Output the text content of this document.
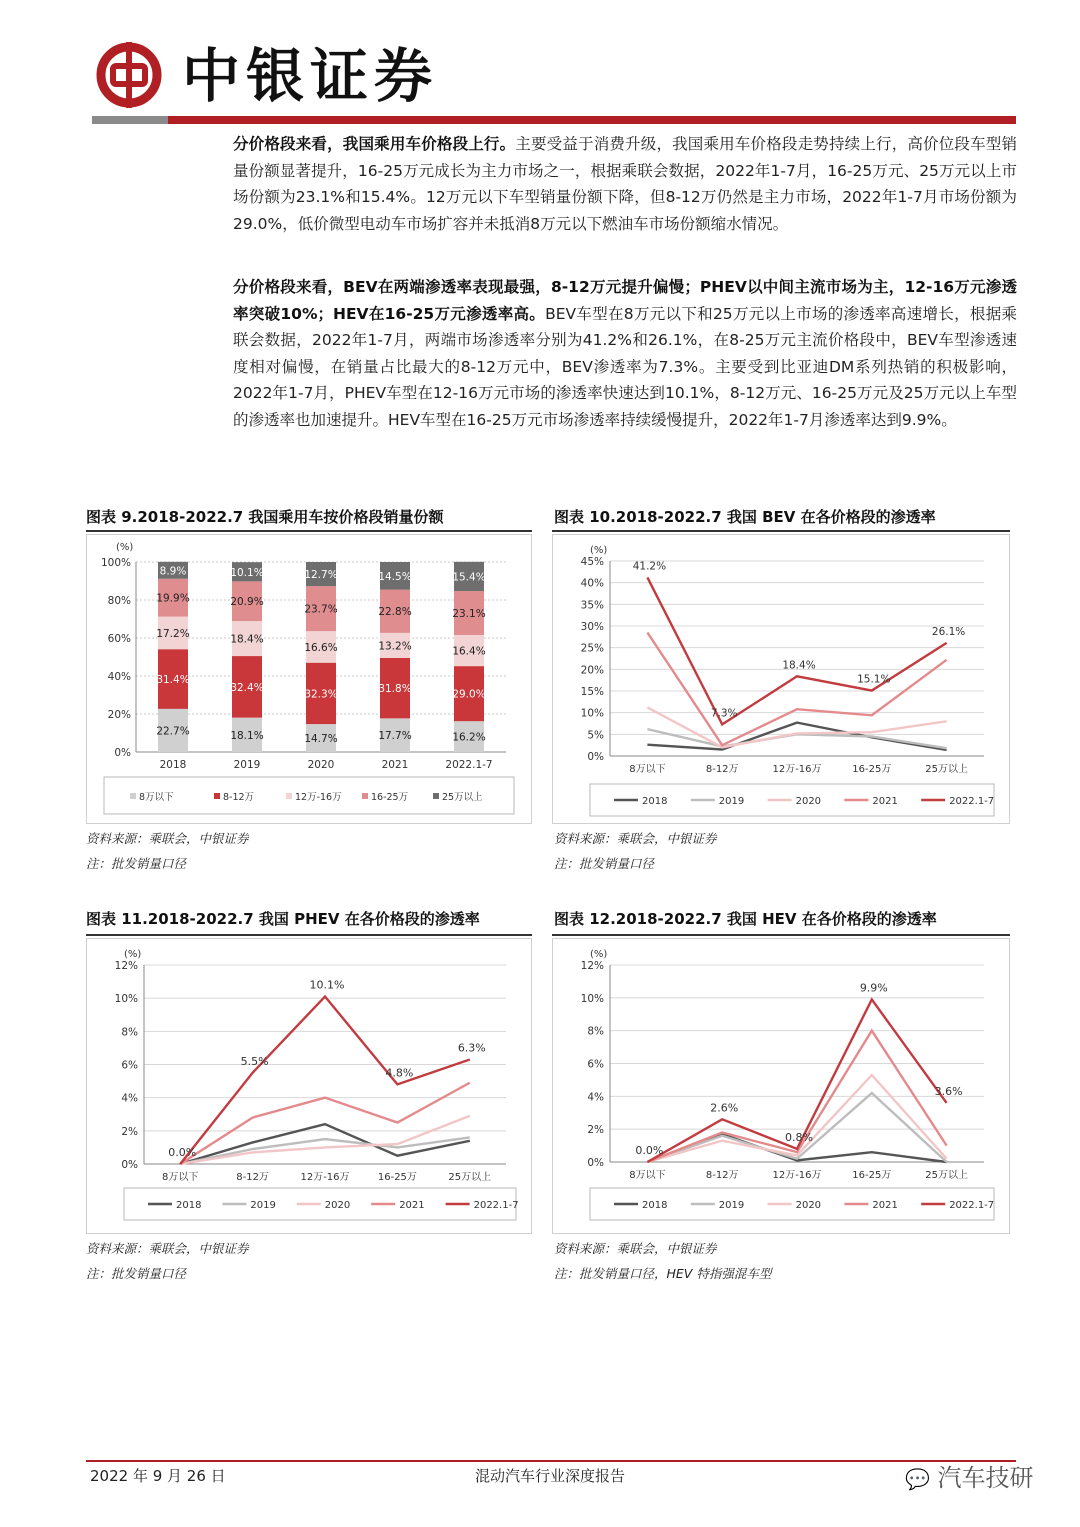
中银证券
分价格段来看，我国乘用车价格段上行。主要受益于消费升级，我国乘用车价格段走势持续上行，高价位段车型销量份额显著提升，16-25万元成长为主力市场之一，根据乘联会数据，2022年1-7月，16-25万元、25万元以上市场份额为23.1%和15.4%。12万元以下车型销量份额下降，但8-12万仍然是主力市场，2022年1-7月市场份额为29.0%，低价微型电动车市场扩容并未抵消8万元以下燃油车市场份额缩水情况。
分价格段来看，BEV在两端渗透率表现最强，8-12万元提升偏慢；PHEV以中间主流市场为主，12-16万元渗透率突破10%；HEV在16-25万元渗透率高。BEV车型在8万元以下和25万元以上市场的渗透率高速增长，根据乘联会数据，2022年1-7月，两端市场渗透率分别为41.2%和26.1%，在8-25万元主流价格段中，BEV车型渗透速度相对偏慢，在销量占比最大的8-12万元中，BEV渗透率为7.3%。主要受到比亚迪DM系列热销的积极影响，2022年1-7月，PHEV车型在12-16万元市场的渗透率快速达到10.1%，8-12万元、16-25万元及25万元以上车型的渗透率也加速提升。HEV车型在16-25万元市场渗透率持续缓慢提升，2022年1-7月渗透率达到9.9%。
图表 9.2018-2022.7 我国乘用车按价格段销量份额
(%)
0%
20%
40%
60%
80%
100%
22.7%
31.4%
17.2%
19.9%
8.9%
2018
18.1%
32.4%
18.4%
20.9%
10.1%
2019
14.7%
32.3%
16.6%
23.7%
12.7%
2020
17.7%
31.8%
13.2%
22.8%
14.5%
2021
16.2%
29.0%
16.4%
23.1%
15.4%
2022.1-7
8万以下	8-12万	12万-16万	16-25万	25万以上
资料来源：乘联会，中银证券
注：批发销量口径
图表 10.2018-2022.7 我国 BEV 在各价格段的渗透率
(%)
0%
5%
10%
15%
20%
25%
30%
35%
40%
45%
8万以下	8-12万	12万-16万	16-25万	25万以上
41.2%
7.3%
18.4%
15.1%
26.1%
2018	2019	2020	2021	2022.1-7
资料来源：乘联会，中银证券
注：批发销量口径
图表 11.2018-2022.7 我国 PHEV 在各价格段的渗透率
(%)
0%
2%
4%
6%
8%
10%
12%
8万以下	8-12万	12万-16万	16-25万	25万以上
0.0%
5.5%
10.1%
4.8%
6.3%
2018	2019	2020	2021	2022.1-7
资料来源：乘联会，中银证券
注：批发销量口径
图表 12.2018-2022.7 我国 HEV 在各价格段的渗透率
(%)
0%
2%
4%
6%
8%
10%
12%
8万以下	8-12万	12万-16万	16-25万	25万以上
0.0%
2.6%
0.8%
9.9%
3.6%
2018	2019	2020	2021	2022.1-7
资料来源：乘联会，中银证券
注：批发销量口径，HEV 特指强混车型
2022 年 9 月 26 日	混动汽车行业深度报告	💬 汽车技研
